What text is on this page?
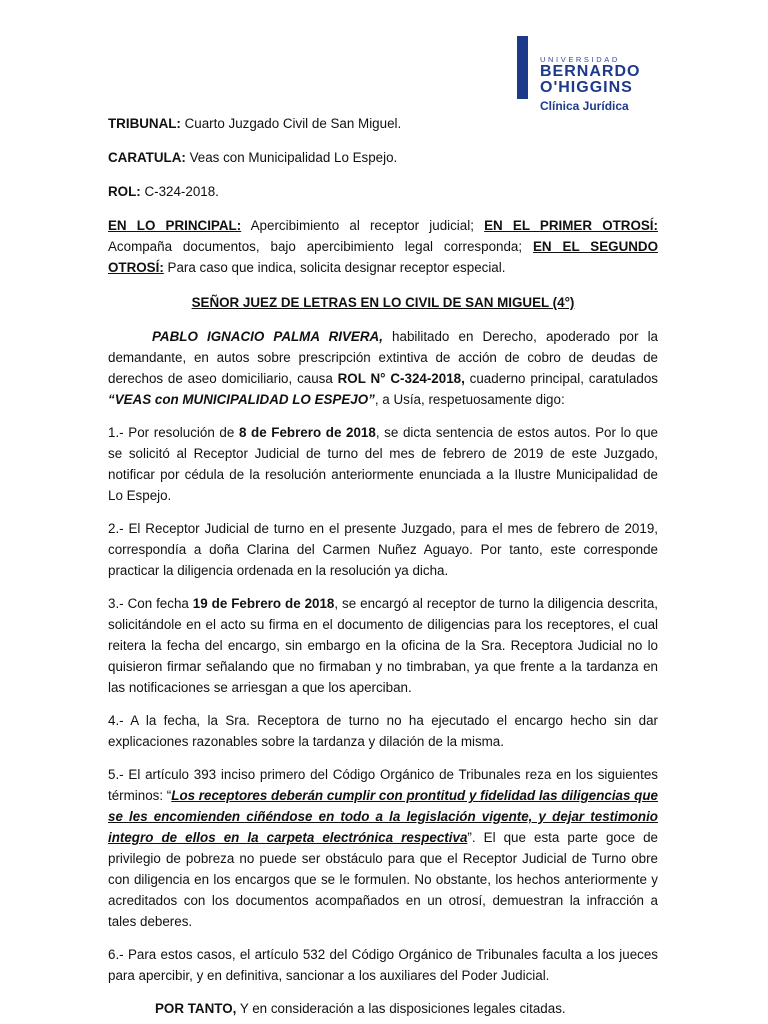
UNIVERSIDAD
BERNARDO
O'HIGGINS
Clínica Jurídica

TRIBUNAL: Cuarto Juzgado Civil de San Miguel.

CARATULA: Veas con Municipalidad Lo Espejo.

ROL: C-324-2018.

EN LO PRINCIPAL: Apercibimiento al receptor judicial; EN EL PRIMER OTROSÍ: Acompaña documentos, bajo apercibimiento legal corresponda; EN EL SEGUNDO OTROSÍ: Para caso que indica, solicita designar receptor especial.

SEÑOR JUEZ DE LETRAS EN LO CIVIL DE SAN MIGUEL (4°)

PABLO IGNACIO PALMA RIVERA, habilitado en Derecho, apoderado por la demandante, en autos sobre prescripción extintiva de acción de cobro de deudas de derechos de aseo domiciliario, causa ROL N° C-324-2018, cuaderno principal, caratulados “VEAS con MUNICIPALIDAD LO ESPEJO”, a Usía, respetuosamente digo:

1.- Por resolución de 8 de Febrero de 2018, se dicta sentencia de estos autos. Por lo que se solicitó al Receptor Judicial de turno del mes de febrero de 2019 de este Juzgado, notificar por cédula de la resolución anteriormente enunciada a la Ilustre Municipalidad de Lo Espejo.

2.- El Receptor Judicial de turno en el presente Juzgado, para el mes de febrero de 2019, correspondía a doña Clarina del Carmen Nuñez Aguayo. Por tanto, este corresponde practicar la diligencia ordenada en la resolución ya dicha.

3.- Con fecha 19 de Febrero de 2018, se encargó al receptor de turno la diligencia descrita, solicitándole en el acto su firma en el documento de diligencias para los receptores, el cual reitera la fecha del encargo, sin embargo en la oficina de la Sra. Receptora Judicial no lo quisieron firmar señalando que no firmaban y no timbraban, ya que frente a la tardanza en las notificaciones se arriesgan a que los aperciban.

4.- A la fecha, la Sra. Receptora de turno no ha ejecutado el encargo hecho sin dar explicaciones razonables sobre la tardanza y dilación de la misma.

5.- El artículo 393 inciso primero del Código Orgánico de Tribunales reza en los siguientes términos: “Los receptores deberán cumplir con prontitud y fidelidad las diligencias que se les encomienden ciñéndose en todo a la legislación vigente, y dejar testimonio integro de ellos en la carpeta electrónica respectiva”. El que esta parte goce de privilegio de pobreza no puede ser obstáculo para que el Receptor Judicial de Turno obre con diligencia en los encargos que se le formulen. No obstante, los hechos anteriormente y acreditados con los documentos acompañados en un otrosí, demuestran la infracción a tales deberes.

6.- Para estos casos, el artículo 532 del Código Orgánico de Tribunales faculta a los jueces para apercibir, y en definitiva, sancionar a los auxiliares del Poder Judicial.

POR TANTO, Y en consideración a las disposiciones legales citadas.
